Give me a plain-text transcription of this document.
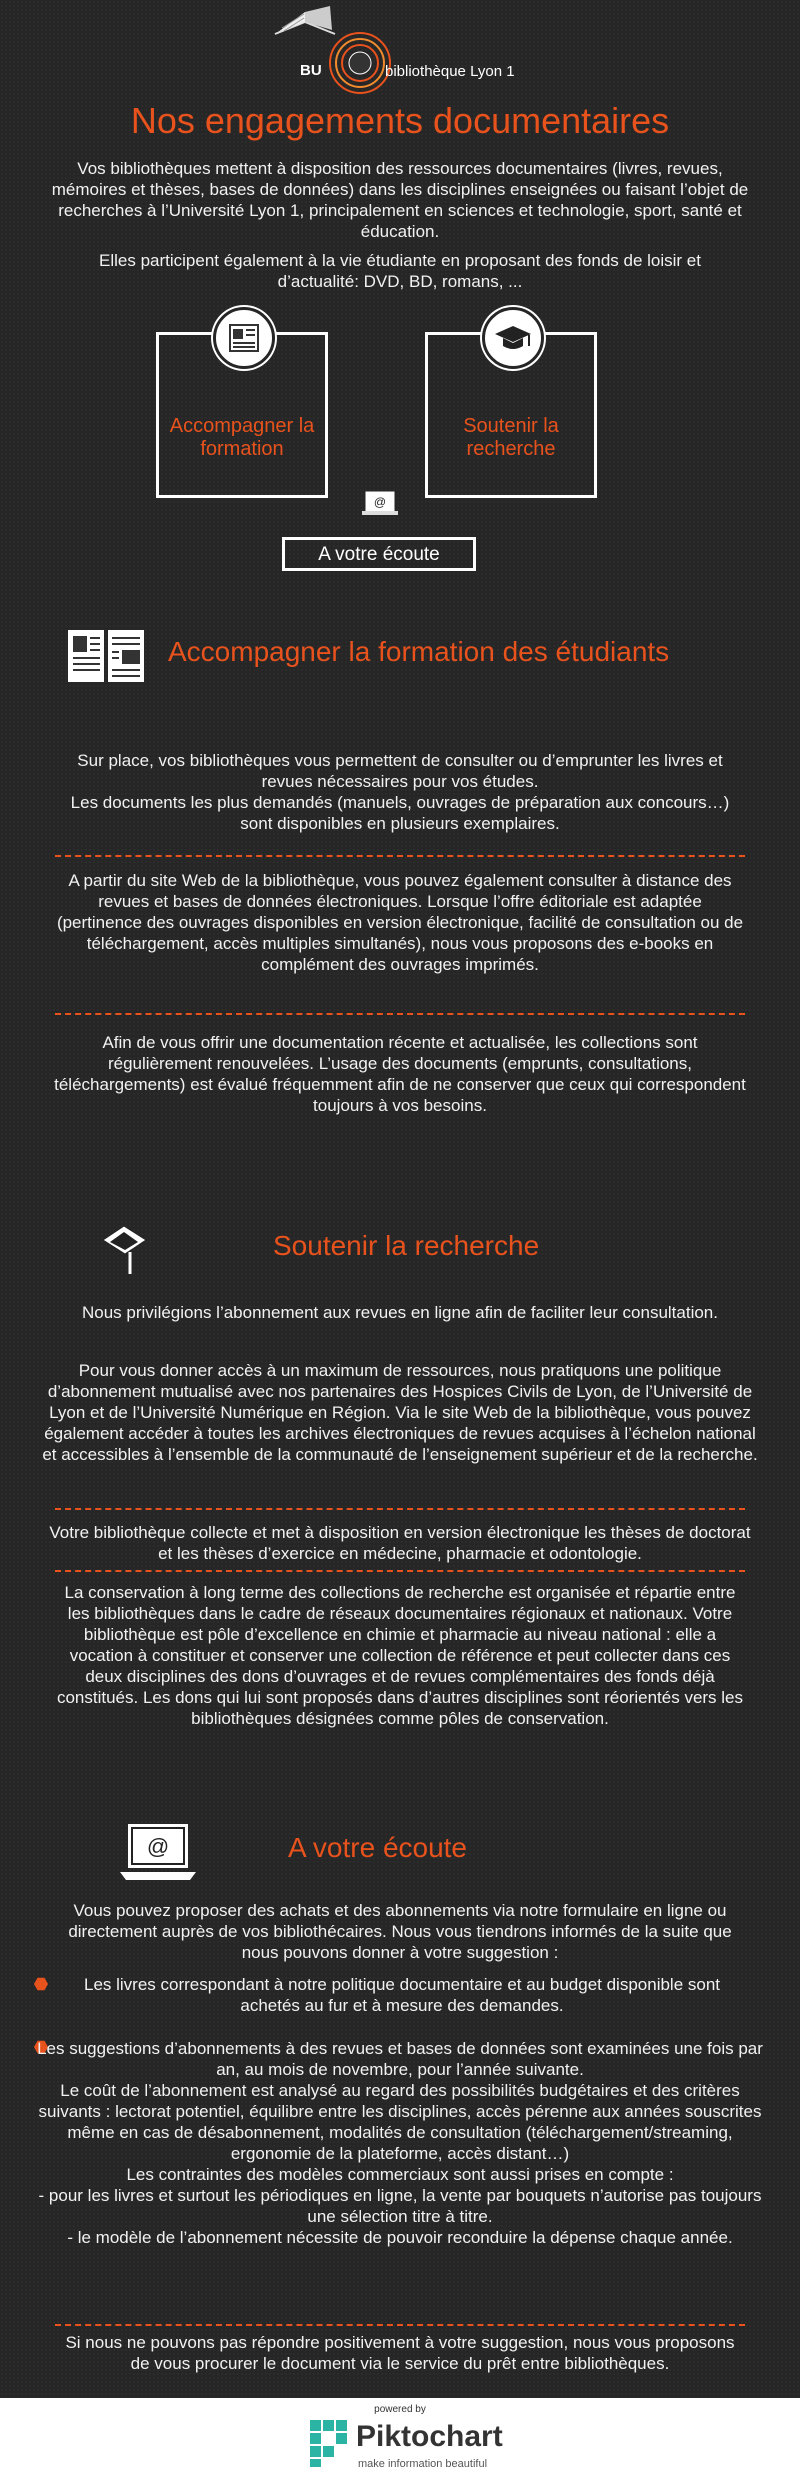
BU	bibliothèque Lyon 1
Nos engagements documentaires
Vos bibliothèques mettent à disposition des ressources documentaires (livres, revues, mémoires et thèses, bases de données) dans les disciplines enseignées ou faisant l’objet de recherches à l’Université Lyon 1, principalement en sciences et technologie, sport, santé et éducation.
Elles participent également à la vie étudiante en proposant des fonds de loisir et d’actualité: DVD, BD, romans, ...
Accompagner la formation
Soutenir la recherche
@
A votre écoute
Accompagner la formation des étudiants
Sur place, vos bibliothèques vous permettent de consulter ou d’emprunter les livres et revues nécessaires pour vos études.
Les documents les plus demandés (manuels, ouvrages de préparation aux concours…) sont disponibles en plusieurs exemplaires.
A partir du site Web de la bibliothèque, vous pouvez également consulter à distance des revues et bases de données électroniques. Lorsque l’offre éditoriale est adaptée (pertinence des ouvrages disponibles en version électronique, facilité de consultation ou de téléchargement, accès multiples simultanés), nous vous proposons des e-books en complément des ouvrages imprimés.
Afin de vous offrir une documentation récente et actualisée, les collections sont régulièrement renouvelées. L’usage des documents (emprunts, consultations, téléchargements) est évalué fréquemment afin de ne conserver que ceux qui correspondent toujours à vos besoins.
Soutenir la recherche
Nous privilégions l’abonnement aux revues en ligne afin de faciliter leur consultation.
Pour vous donner accès à un maximum de ressources, nous pratiquons une politique d’abonnement mutualisé avec nos partenaires des Hospices Civils de Lyon, de l’Université de Lyon et de l’Université Numérique en Région. Via le site Web de la bibliothèque, vous pouvez également accéder à toutes les archives électroniques de revues acquises à l’échelon national et accessibles à l’ensemble de la communauté de l’enseignement supérieur et de la recherche.
Votre bibliothèque collecte et met à disposition en version électronique les thèses de doctorat et les thèses d’exercice en médecine, pharmacie et odontologie.
La conservation à long terme des collections de recherche est organisée et répartie entre les bibliothèques dans le cadre de réseaux documentaires régionaux et nationaux. Votre bibliothèque est pôle d’excellence en chimie et pharmacie au niveau national : elle a vocation à constituer et conserver une collection de référence et peut collecter dans ces deux disciplines des dons d’ouvrages et de revues complémentaires des fonds déjà constitués. Les dons qui lui sont proposés dans d’autres disciplines sont réorientés vers les bibliothèques désignées comme pôles de conservation.
@	A votre écoute
Vous pouvez proposer des achats et des abonnements via notre formulaire en ligne ou directement auprès de vos bibliothécaires. Nous vous tiendrons informés de la suite que nous pouvons donner à votre suggestion :
Les livres correspondant à notre politique documentaire et au budget disponible sont achetés au fur et à mesure des demandes.
Les suggestions d’abonnements à des revues et bases de données sont examinées une fois par an, au mois de novembre, pour l’année suivante.
Le coût de l’abonnement est analysé au regard des possibilités budgétaires et des critères suivants : lectorat potentiel, équilibre entre les disciplines, accès pérenne aux années souscrites même en cas de désabonnement, modalités de consultation (téléchargement/streaming, ergonomie de la plateforme, accès distant…)
Les contraintes des modèles commerciaux sont aussi prises en compte :
- pour les livres et surtout les périodiques en ligne, la vente par bouquets n’autorise pas toujours une sélection titre à titre.
- le modèle de l’abonnement nécessite de pouvoir reconduire la dépense chaque année.
Si nous ne pouvons pas répondre positivement à votre suggestion, nous vous proposons de vous procurer le document via le service du prêt entre bibliothèques.
powered by
Piktochart
make information beautiful
